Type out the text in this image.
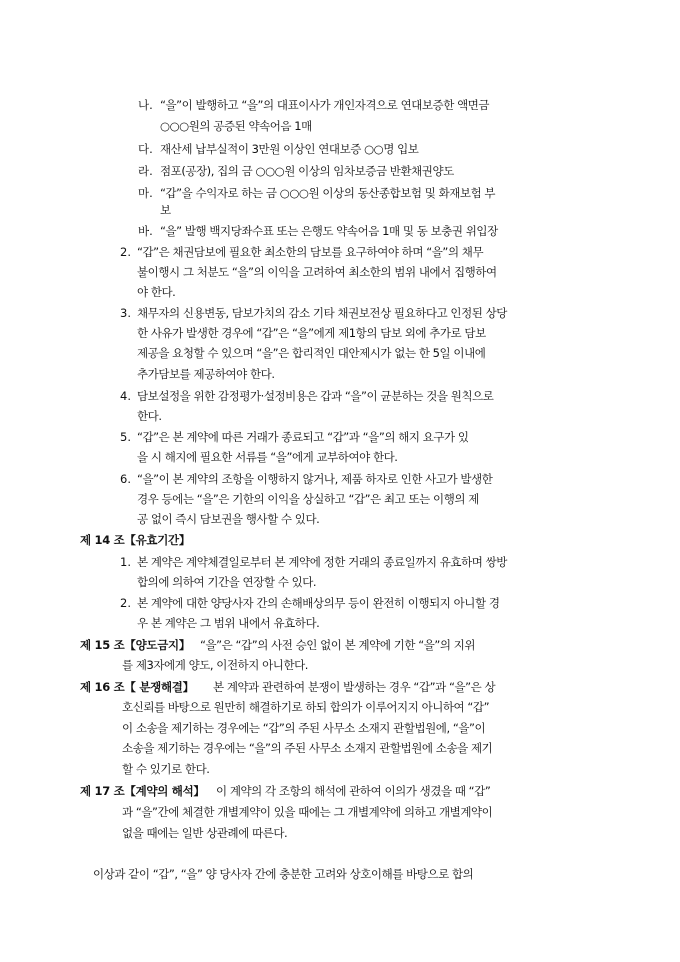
나. “을”이 발행하고 “을”의 대표이사가 개인자격으로 연대보증한 액면금
○○○원의 공증된 약속어음 1매
다. 재산세 납부실적이 3만원 이상인 연대보증 ○○명 입보
라. 점포(공장), 집의 금 ○○○원 이상의 임차보증금 반환채권양도
마. “갑”을 수익자로 하는 금 ○○○원 이상의 동산종합보험 및 화재보험 부
보
바. “을” 발행 백지당좌수표 또는 은행도 약속어음 1매 및 동 보충권 위입장
2. “갑”은 채권담보에 필요한 최소한의 담보를 요구하여야 하며 “을”의 채무
불이행시 그 처분도 “을”의 이익을 고려하여 최소한의 범위 내에서 집행하여
야 한다.
3. 채무자의 신용변동, 담보가치의 감소 기타 채권보전상 필요하다고 인정된 상당
한 사유가 발생한 경우에 “갑”은 “을”에게 제1항의 담보 외에 추가로 담보
제공을 요청할 수 있으며 “을”은 합리적인 대안제시가 없는 한 5일 이내에
추가담보를 제공하여야 한다.
4. 담보설정을 위한 감정평가·설정비용은 갑과 “을”이 균분하는 것을 원칙으로
한다.
5. “갑”은 본 계약에 따른 거래가 종료되고 “갑”과 “을”의 해지 요구가 있
을 시 해지에 필요한 서류를 “을”에게 교부하여야 한다.
6. “을”이 본 계약의 조항을 이행하지 않거나, 제품 하자로 인한 사고가 발생한
경우 등에는 “을”은 기한의 이익을 상실하고 “갑”은 최고 또는 이행의 제
공 없이 즉시 담보권을 행사할 수 있다.
제 14 조【유효기간】
1. 본 계약은 계약체결일로부터 본 계약에 정한 거래의 종료일까지 유효하며 쌍방
합의에 의하여 기간을 연장할 수 있다.
2. 본 계약에 대한 양당사자 간의 손해배상의무 등이 완전히 이행되지 아니할 경
우 본 계약은 그 범위 내에서 유효하다.
제 15 조【양도금지】 “을”은 “갑”의 사전 승인 없이 본 계약에 기한 “을”의 지위
를 제3자에게 양도, 이전하지 아니한다.
제 16 조【 분쟁해결】 본 계약과 관련하여 분쟁이 발생하는 경우 “갑”과 “을”은 상
호신뢰를 바탕으로 원만히 해결하기로 하되 합의가 이루어지지 아니하여 “갑”
이 소송을 제기하는 경우에는 “갑”의 주된 사무소 소재지 관할법원에, “을”이
소송을 제기하는 경우에는 “을”의 주된 사무소 소재지 관할법원에 소송을 제기
할 수 있기로 한다.
제 17 조【계약의 해석】 이 계약의 각 조항의 해석에 관하여 이의가 생겼을 때 “갑”
과 “을”간에 체결한 개별계약이 있을 때에는 그 개별계약에 의하고 개별계약이
없을 때에는 일반 상관례에 따른다.
이상과 같이 “갑”, “을” 양 당사자 간에 충분한 고려와 상호이해를 바탕으로 합의
